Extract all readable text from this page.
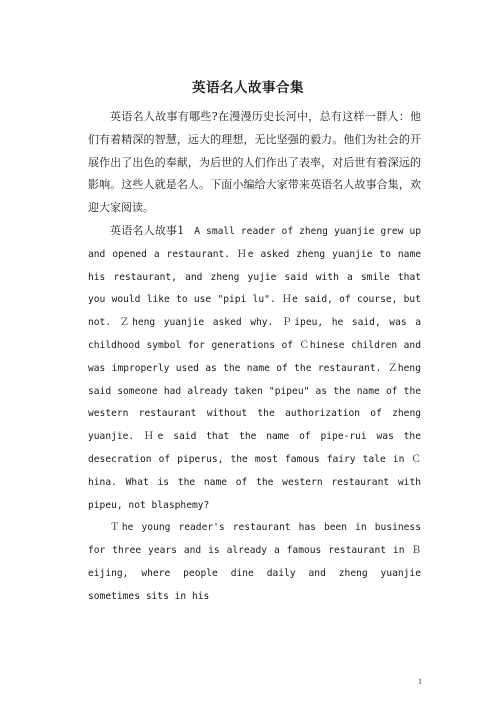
英语名人故事合集

英语名人故事有哪些?在漫漫历史长河中，总有这样一群人：他们有着精深的智慧，远大的理想，无比坚强的毅力。他们为社会的开展作出了出色的奉献，为后世的人们作出了表率，对后世有着深远的影响。这些人就是名人。下面小编给大家带来英语名人故事合集，欢迎大家阅读。

英语名人故事1　A small reader of zheng yuanjie grew up and opened a restaurant. Ｈe asked zheng yuanjie to name his restaurant, and zheng yujie said with a smile that you would like to use "pipi lu". Ｈe said, of course, but not. Ｚheng yuanjie asked why. Ｐipeu, he said, was a childhood symbol for generations of Ｃhinese children and was improperly used as the name of the restaurant. Ｚheng said someone had already taken "pipeu" as the name of the western restaurant without the authorization of zheng yuanjie. Ｈe said that the name of pipe-rui was the desecration of piperus, the most famous fairy tale in Ｃhina. What is the name of the western restaurant with pipeu, not blasphemy?

Ｔhe young reader's restaurant has been in business for three years and is already a famous restaurant in Ｂeijing, where people dine daily and zheng yuanjie sometimes sits in his

1
